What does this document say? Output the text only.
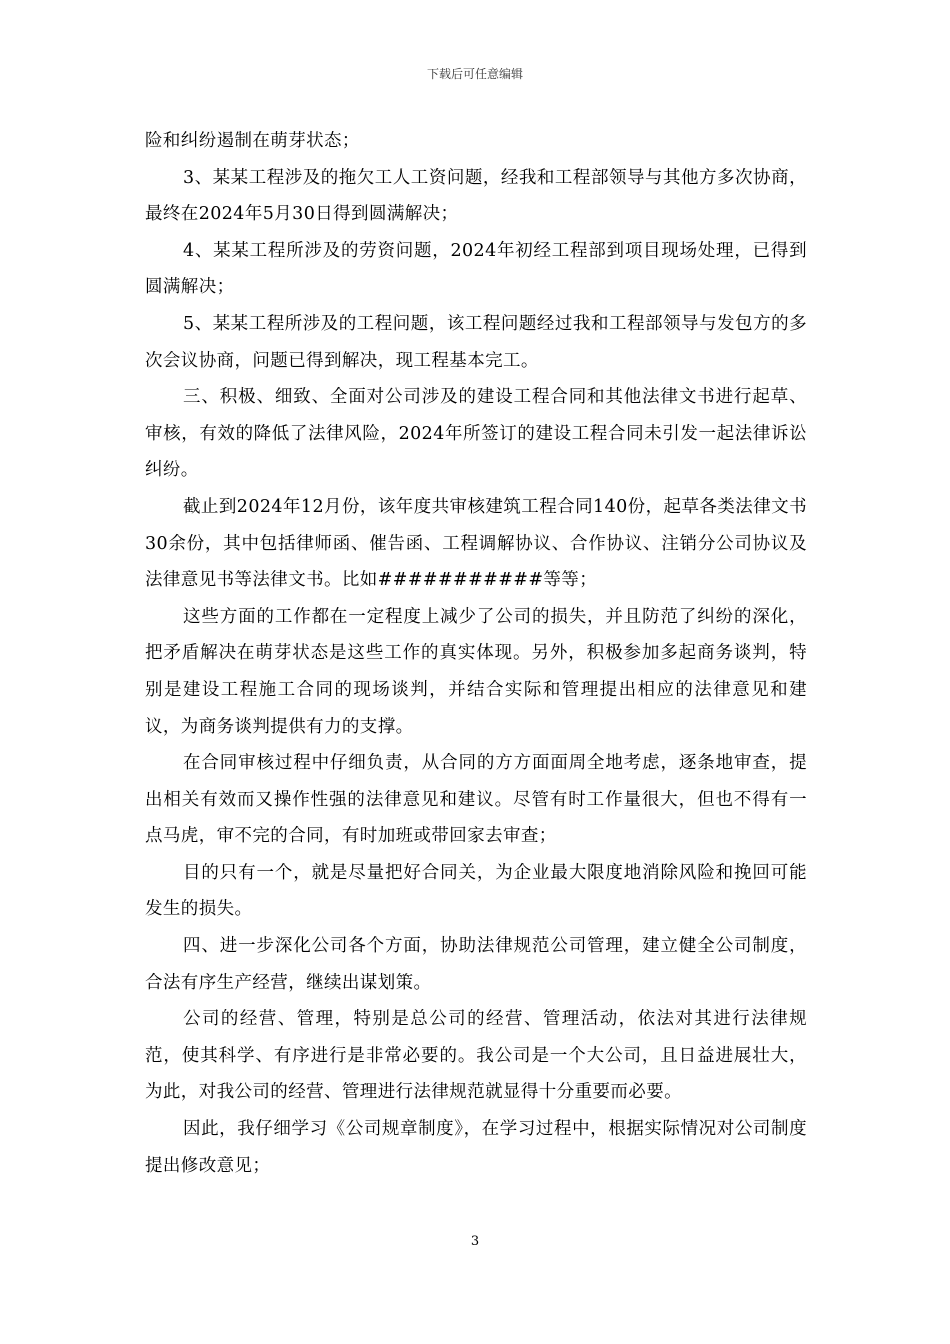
下载后可任意编辑

险和纠纷遏制在萌芽状态；

3、某某工程涉及的拖欠工人工资问题，经我和工程部领导与其他方多次协商，最终在2024年5月30日得到圆满解决；

4、某某工程所涉及的劳资问题，2024年初经工程部到项目现场处理，已得到圆满解决；

5、某某工程所涉及的工程问题，该工程问题经过我和工程部领导与发包方的多次会议协商，问题已得到解决，现工程基本完工。

三、积极、细致、全面对公司涉及的建设工程合同和其他法律文书进行起草、审核，有效的降低了法律风险，2024年所签订的建设工程合同未引发一起法律诉讼纠纷。

截止到2024年12月份，该年度共审核建筑工程合同140份，起草各类法律文书30余份，其中包括律师函、催告函、工程调解协议、合作协议、注销分公司协议及法律意见书等法律文书。比如###########等等；

这些方面的工作都在一定程度上减少了公司的损失，并且防范了纠纷的深化，把矛盾解决在萌芽状态是这些工作的真实体现。另外，积极参加多起商务谈判，特别是建设工程施工合同的现场谈判，并结合实际和管理提出相应的法律意见和建议，为商务谈判提供有力的支撑。

在合同审核过程中仔细负责，从合同的方方面面周全地考虑，逐条地审查，提出相关有效而又操作性强的法律意见和建议。尽管有时工作量很大，但也不得有一点马虎，审不完的合同，有时加班或带回家去审查；

目的只有一个，就是尽量把好合同关，为企业最大限度地消除风险和挽回可能发生的损失。

四、进一步深化公司各个方面，协助法律规范公司管理，建立健全公司制度，合法有序生产经营，继续出谋划策。

公司的经营、管理，特别是总公司的经营、管理活动，依法对其进行法律规范，使其科学、有序进行是非常必要的。我公司是一个大公司，且日益进展壮大，为此，对我公司的经营、管理进行法律规范就显得十分重要而必要。

因此，我仔细学习《公司规章制度》，在学习过程中，根据实际情况对公司制度提出修改意见；

3
